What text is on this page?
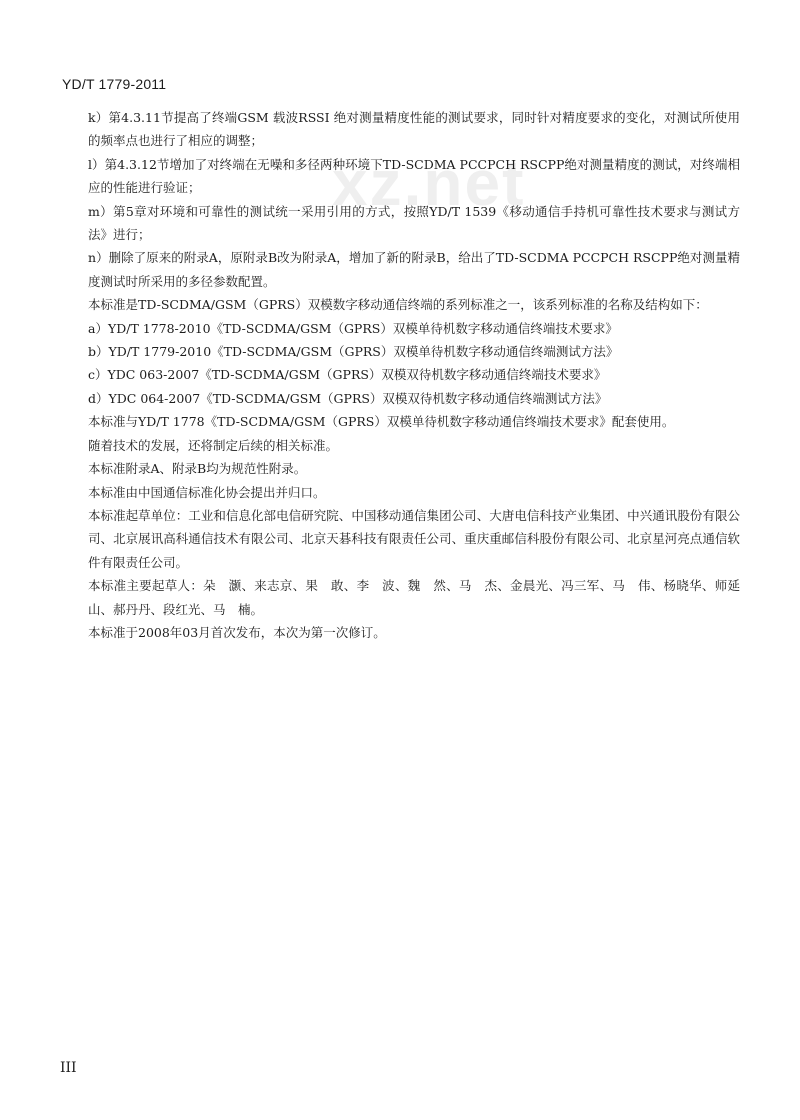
YD/T 1779-2011
xz.net

k）第4.3.11节提高了终端GSM 载波RSSI 绝对测量精度性能的测试要求，同时针对精度要求的变化，对测试所使用的频率点也进行了相应的调整；

l）第4.3.12节增加了对终端在无噪和多径两种环境下TD-SCDMA PCCPCH RSCPP绝对测量精度的测试，对终端相应的性能进行验证；

m）第5章对环境和可靠性的测试统一采用引用的方式，按照YD/T 1539《移动通信手持机可靠性技术要求与测试方法》进行；

n）删除了原来的附录A，原附录B改为附录A，增加了新的附录B，给出了TD-SCDMA PCCPCH RSCPP绝对测量精度测试时所采用的多径参数配置。

本标准是TD-SCDMA/GSM（GPRS）双模数字移动通信终端的系列标准之一，该系列标准的名称及结构如下：

a）YD/T 1778-2010《TD-SCDMA/GSM（GPRS）双模单待机数字移动通信终端技术要求》

b）YD/T 1779-2010《TD-SCDMA/GSM（GPRS）双模单待机数字移动通信终端测试方法》

c）YDC 063-2007《TD-SCDMA/GSM（GPRS）双模双待机数字移动通信终端技术要求》

d）YDC 064-2007《TD-SCDMA/GSM（GPRS）双模双待机数字移动通信终端测试方法》

本标准与YD/T 1778《TD-SCDMA/GSM（GPRS）双模单待机数字移动通信终端技术要求》配套使用。

随着技术的发展，还将制定后续的相关标准。

本标准附录A、附录B均为规范性附录。

本标准由中国通信标准化协会提出并归口。

本标准起草单位：工业和信息化部电信研究院、中国移动通信集团公司、大唐电信科技产业集团、中兴通讯股份有限公司、北京展讯高科通信技术有限公司、北京天碁科技有限责任公司、重庆重邮信科股份有限公司、北京星河亮点通信软件有限责任公司。

本标准主要起草人：朵　灏、来志京、果　敢、李　波、魏　然、马　杰、金晨光、冯三军、马　伟、杨晓华、师延山、郝丹丹、段红光、马　楠。

本标准于2008年03月首次发布，本次为第一次修订。

III
